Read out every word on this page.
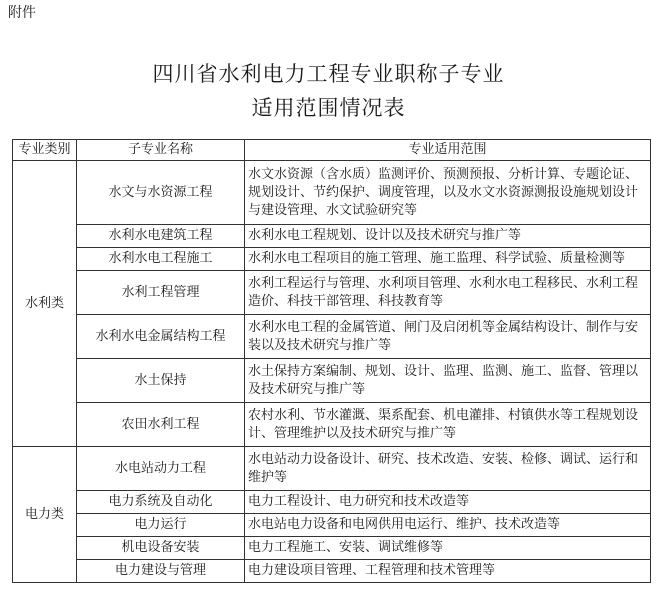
附件
四川省水利电力工程专业职称子专业
适用范围情况表
专业类别	子专业名称	专业适用范围
水利类	水文与水资源工程	水文水资源（含水质）监测评价、预测预报、分析计算、专题论证、规划设计、节约保护、调度管理，以及水文水资源测报设施规划设计与建设管理、水文试验研究等
	水利水电建筑工程	水利水电工程规划、设计以及技术研究与推广等
	水利水电工程施工	水利水电工程项目的施工管理、施工监理、科学试验、质量检测等
	水利工程管理	水利工程运行与管理、水利项目管理、水利水电工程移民、水利工程造价、科技干部管理、科技教育等
	水利水电金属结构工程	水利水电工程的金属管道、闸门及启闭机等金属结构设计、制作与安装以及技术研究与推广等
	水土保持	水土保持方案编制、规划、设计、监理、监测、施工、监督、管理以及技术研究与推广等
	农田水利工程	农村水利、节水灌溉、渠系配套、机电灌排、村镇供水等工程规划设计、管理维护以及技术研究与推广等
电力类	水电站动力工程	水电站动力设备设计、研究、技术改造、安装、检修、调试、运行和维护等
	电力系统及自动化	电力工程设计、电力研究和技术改造等
	电力运行	水电站电力设备和电网供用电运行、维护、技术改造等
	机电设备安装	电力工程施工、安装、调试维修等
	电力建设与管理	电力建设项目管理、工程管理和技术管理等
